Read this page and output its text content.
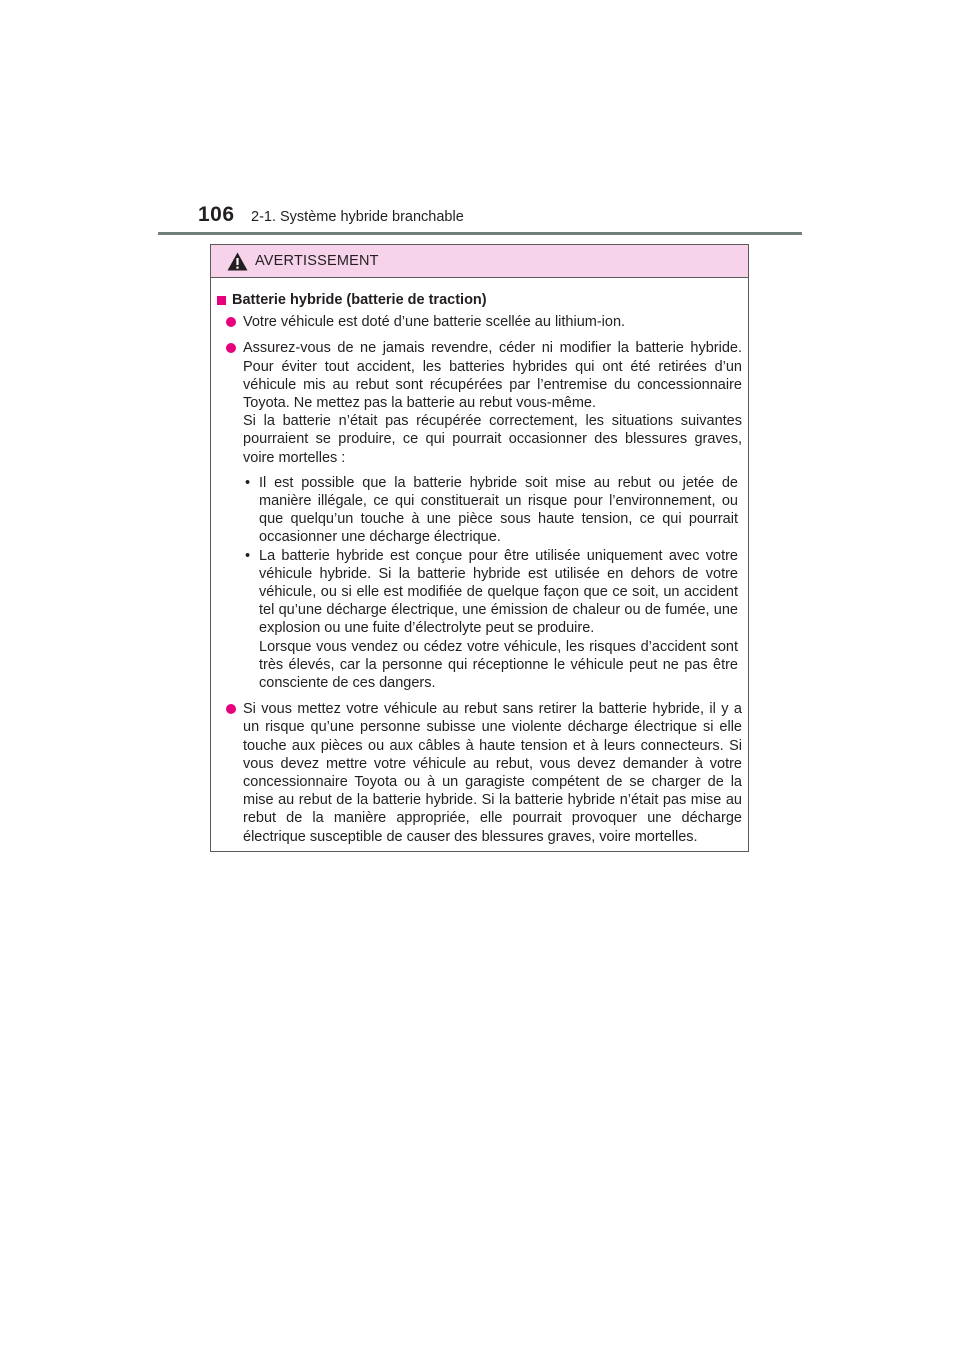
106 2-1. Système hybride branchable
AVERTISSEMENT
Batterie hybride (batterie de traction)
Votre véhicule est doté d’une batterie scellée au lithium-ion.
Assurez-vous de ne jamais revendre, céder ni modifier la batterie hybride. Pour éviter tout accident, les batteries hybrides qui ont été retirées d’un véhicule mis au rebut sont récupérées par l’entremise du concessionnaire Toyota. Ne mettez pas la batterie au rebut vous-même.
Si la batterie n’était pas récupérée correctement, les situations suivantes pourraient se produire, ce qui pourrait occasionner des blessures graves, voire mortelles :
• Il est possible que la batterie hybride soit mise au rebut ou jetée de manière illégale, ce qui constituerait un risque pour l’environnement, ou que quelqu’un touche à une pièce sous haute tension, ce qui pourrait occasionner une décharge électrique.
• La batterie hybride est conçue pour être utilisée uniquement avec votre véhicule hybride. Si la batterie hybride est utilisée en dehors de votre véhicule, ou si elle est modifiée de quelque façon que ce soit, un accident tel qu’une décharge électrique, une émission de chaleur ou de fumée, une explosion ou une fuite d’électrolyte peut se produire.
Lorsque vous vendez ou cédez votre véhicule, les risques d’accident sont très élevés, car la personne qui réceptionne le véhicule peut ne pas être consciente de ces dangers.
Si vous mettez votre véhicule au rebut sans retirer la batterie hybride, il y a un risque qu’une personne subisse une violente décharge électrique si elle touche aux pièces ou aux câbles à haute tension et à leurs connecteurs. Si vous devez mettre votre véhicule au rebut, vous devez demander à votre concessionnaire Toyota ou à un garagiste compétent de se charger de la mise au rebut de la batterie hybride. Si la batterie hybride n’était pas mise au rebut de la manière appropriée, elle pourrait provoquer une décharge électrique susceptible de causer des blessures graves, voire mortelles.
